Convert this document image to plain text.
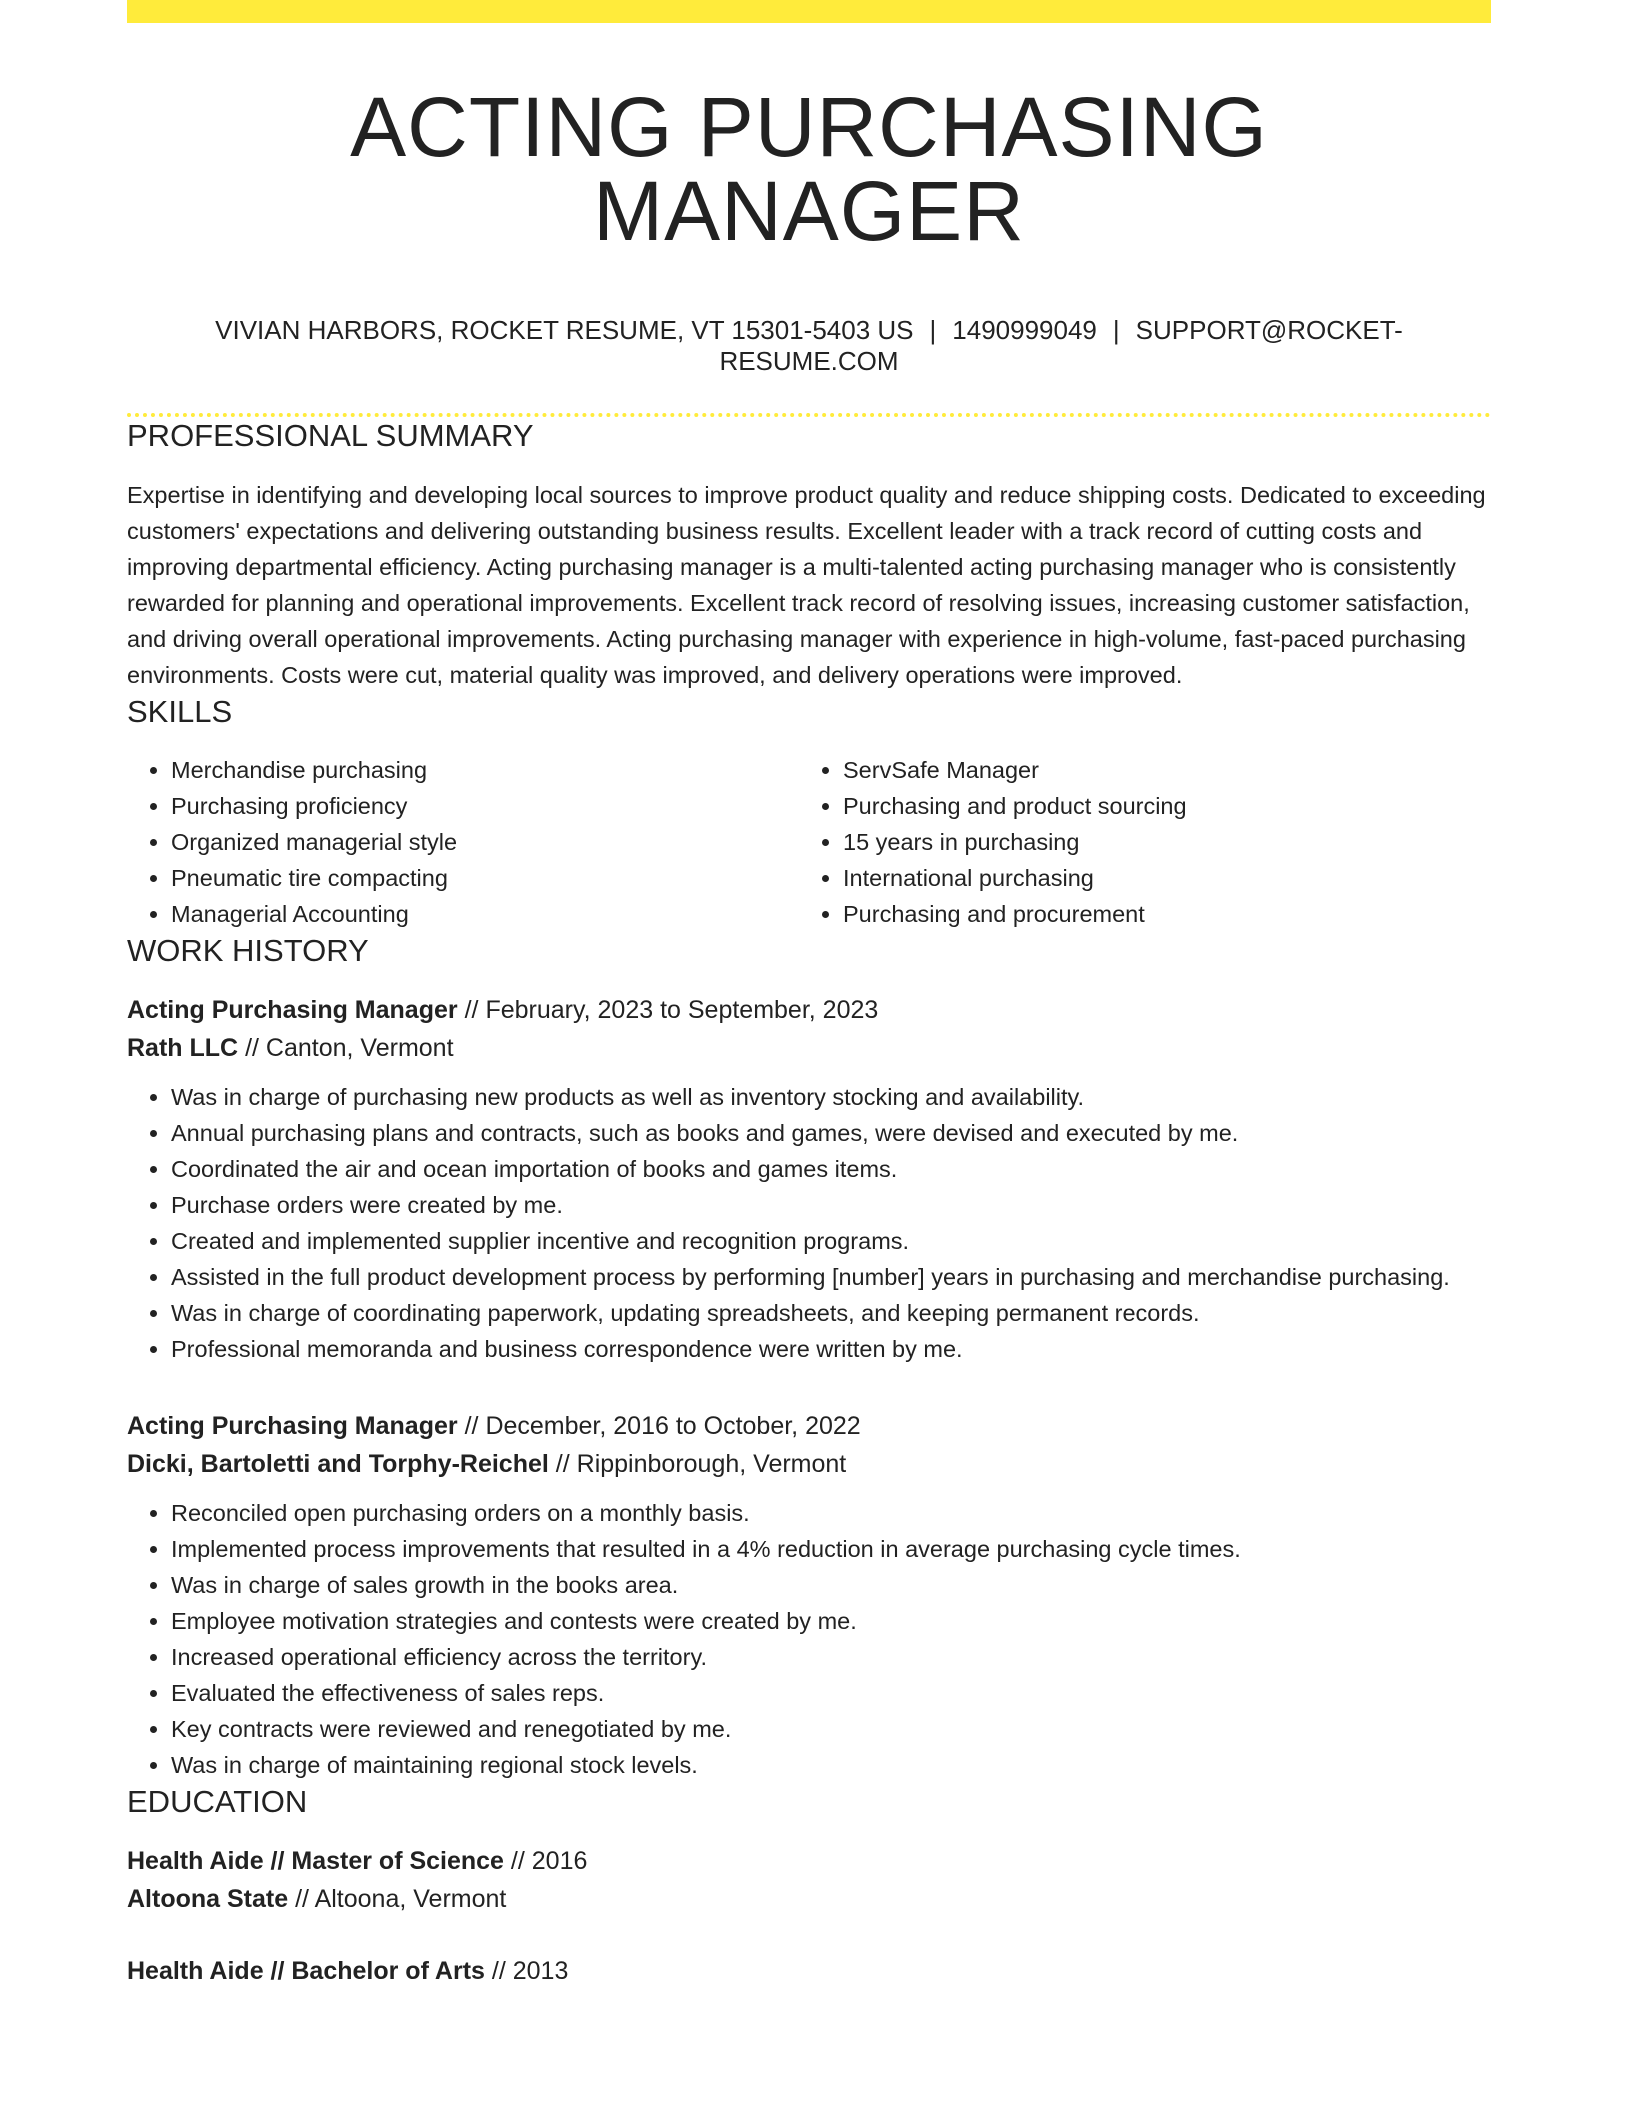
ACTING PURCHASING MANAGER
VIVIAN HARBORS, ROCKET RESUME, VT 15301-5403 US | 1490999049 | SUPPORT@ROCKET-RESUME.COM
PROFESSIONAL SUMMARY

Expertise in identifying and developing local sources to improve product quality and reduce shipping costs. Dedicated to exceeding customers' expectations and delivering outstanding business results. Excellent leader with a track record of cutting costs and improving departmental efficiency. Acting purchasing manager is a multi-talented acting purchasing manager who is consistently rewarded for planning and operational improvements. Excellent track record of resolving issues, increasing customer satisfaction, and driving overall operational improvements. Acting purchasing manager with experience in high-volume, fast-paced purchasing environments. Costs were cut, material quality was improved, and delivery operations were improved.

SKILLS
• Merchandise purchasing
• Purchasing proficiency
• Organized managerial style
• Pneumatic tire compacting
• Managerial Accounting
• ServSafe Manager
• Purchasing and product sourcing
• 15 years in purchasing
• International purchasing
• Purchasing and procurement
WORK HISTORY
Acting Purchasing Manager // February, 2023 to September, 2023
Rath LLC // Canton, Vermont
• Was in charge of purchasing new products as well as inventory stocking and availability.
• Annual purchasing plans and contracts, such as books and games, were devised and executed by me.
• Coordinated the air and ocean importation of books and games items.
• Purchase orders were created by me.
• Created and implemented supplier incentive and recognition programs.
• Assisted in the full product development process by performing [number] years in purchasing and merchandise purchasing.
• Was in charge of coordinating paperwork, updating spreadsheets, and keeping permanent records.
• Professional memoranda and business correspondence were written by me.
Acting Purchasing Manager // December, 2016 to October, 2022
Dicki, Bartoletti and Torphy-Reichel // Rippinborough, Vermont
• Reconciled open purchasing orders on a monthly basis.
• Implemented process improvements that resulted in a 4% reduction in average purchasing cycle times.
• Was in charge of sales growth in the books area.
• Employee motivation strategies and contests were created by me.
• Increased operational efficiency across the territory.
• Evaluated the effectiveness of sales reps.
• Key contracts were reviewed and renegotiated by me.
• Was in charge of maintaining regional stock levels.
EDUCATION
Health Aide // Master of Science // 2016
Altoona State // Altoona, Vermont
Health Aide // Bachelor of Arts // 2013
